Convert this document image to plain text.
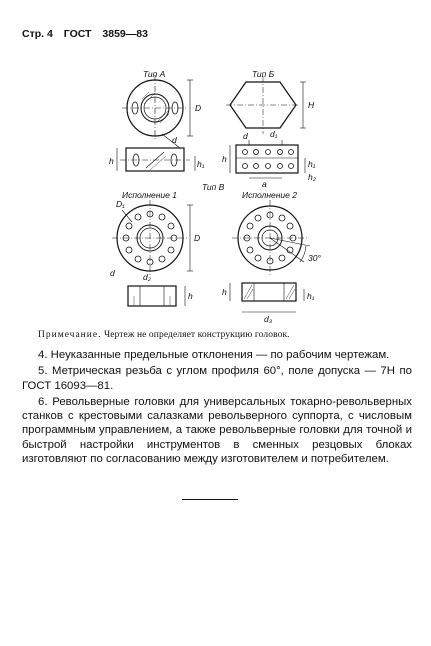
Стр. 4 ГОСТ 3859—83
Тип А	Тип Б
Тип В
Исполнение 1	Исполнение 2
D
d
h	h₁
H
d	d₁
a
h	h₁
h₂
D₁
D
d	d₂
h
30°
d₃
h	h₁
Примечание. Чертеж не определяет конструкцию головок.

4. Неуказанные предельные отклонения — по рабочим чертежам.

5. Метрическая резьба с углом профиля 60°, поле допуска — 7H по ГОСТ 16093—81.

6. Револьверные головки для универсальных токарно-револьверных станков с крестовыми салазками револьверного суппорта, с числовым программным управлением, а также револьверные головки для точной и быстрой настройки инструментов в сменных резцовых блоках изготовляют по согласованию между изготовителем и потребителем.
